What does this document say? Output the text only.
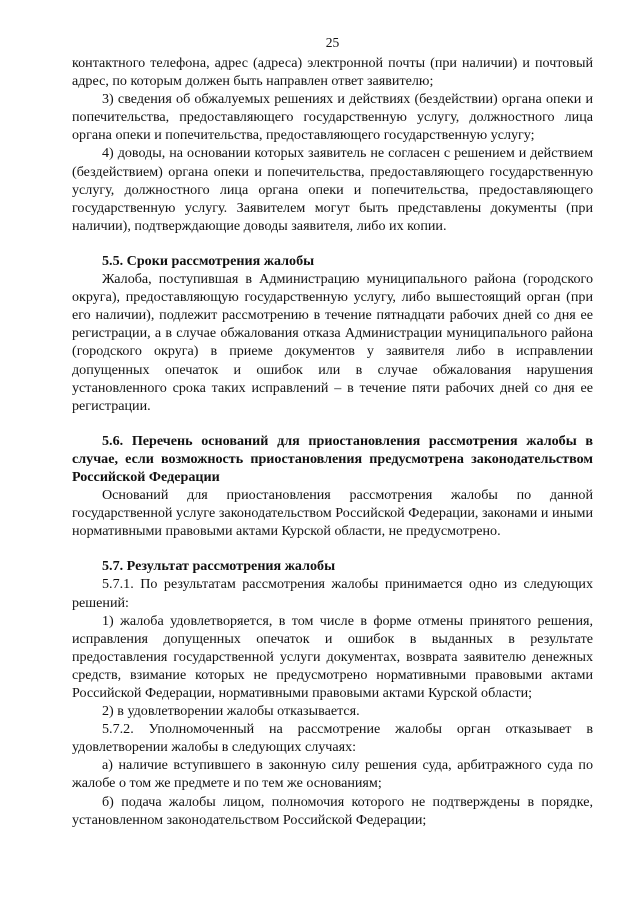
25

контактного телефона, адрес (адреса) электронной почты (при наличии) и почтовый адрес, по которым должен быть направлен ответ заявителю;

3) сведения об обжалуемых решениях и действиях (бездействии) органа опеки и попечительства, предоставляющего государственную услугу, должностного лица органа опеки и попечительства, предоставляющего государственную услугу;

4) доводы, на основании которых заявитель не согласен с решением и действием (бездействием) органа опеки и попечительства, предоставляющего государственную услугу, должностного лица органа опеки и попечительства, предоставляющего государственную услугу. Заявителем могут быть представлены документы (при наличии), подтверждающие доводы заявителя, либо их копии.

5.5. Сроки рассмотрения жалобы

Жалоба, поступившая в Администрацию муниципального района (городского округа), предоставляющую государственную услугу, либо вышестоящий орган (при его наличии), подлежит рассмотрению в течение пятнадцати рабочих дней со дня ее регистрации, а в случае обжалования отказа Администрации муниципального района (городского округа) в приеме документов у заявителя либо в исправлении допущенных опечаток и ошибок или в случае обжалования нарушения установленного срока таких исправлений – в течение пяти рабочих дней со дня ее регистрации.

5.6. Перечень оснований для приостановления рассмотрения жалобы в случае, если возможность приостановления предусмотрена законодательством Российской Федерации

Оснований для приостановления рассмотрения жалобы по данной государственной услуге законодательством Российской Федерации, законами и иными нормативными правовыми актами Курской области, не предусмотрено.

5.7. Результат рассмотрения жалобы

5.7.1. По результатам рассмотрения жалобы принимается одно из следующих решений:

1) жалоба удовлетворяется, в том числе в форме отмены принятого решения, исправления допущенных опечаток и ошибок в выданных в результате предоставления государственной услуги документах, возврата заявителю денежных средств, взимание которых не предусмотрено нормативными правовыми актами Российской Федерации, нормативными правовыми актами Курской области;

2) в удовлетворении жалобы отказывается.

5.7.2. Уполномоченный на рассмотрение жалобы орган отказывает в удовлетворении жалобы в следующих случаях:

а) наличие вступившего в законную силу решения суда, арбитражного суда по жалобе о том же предмете и по тем же основаниям;

б) подача жалобы лицом, полномочия которого не подтверждены в порядке, установленном законодательством Российской Федерации;
